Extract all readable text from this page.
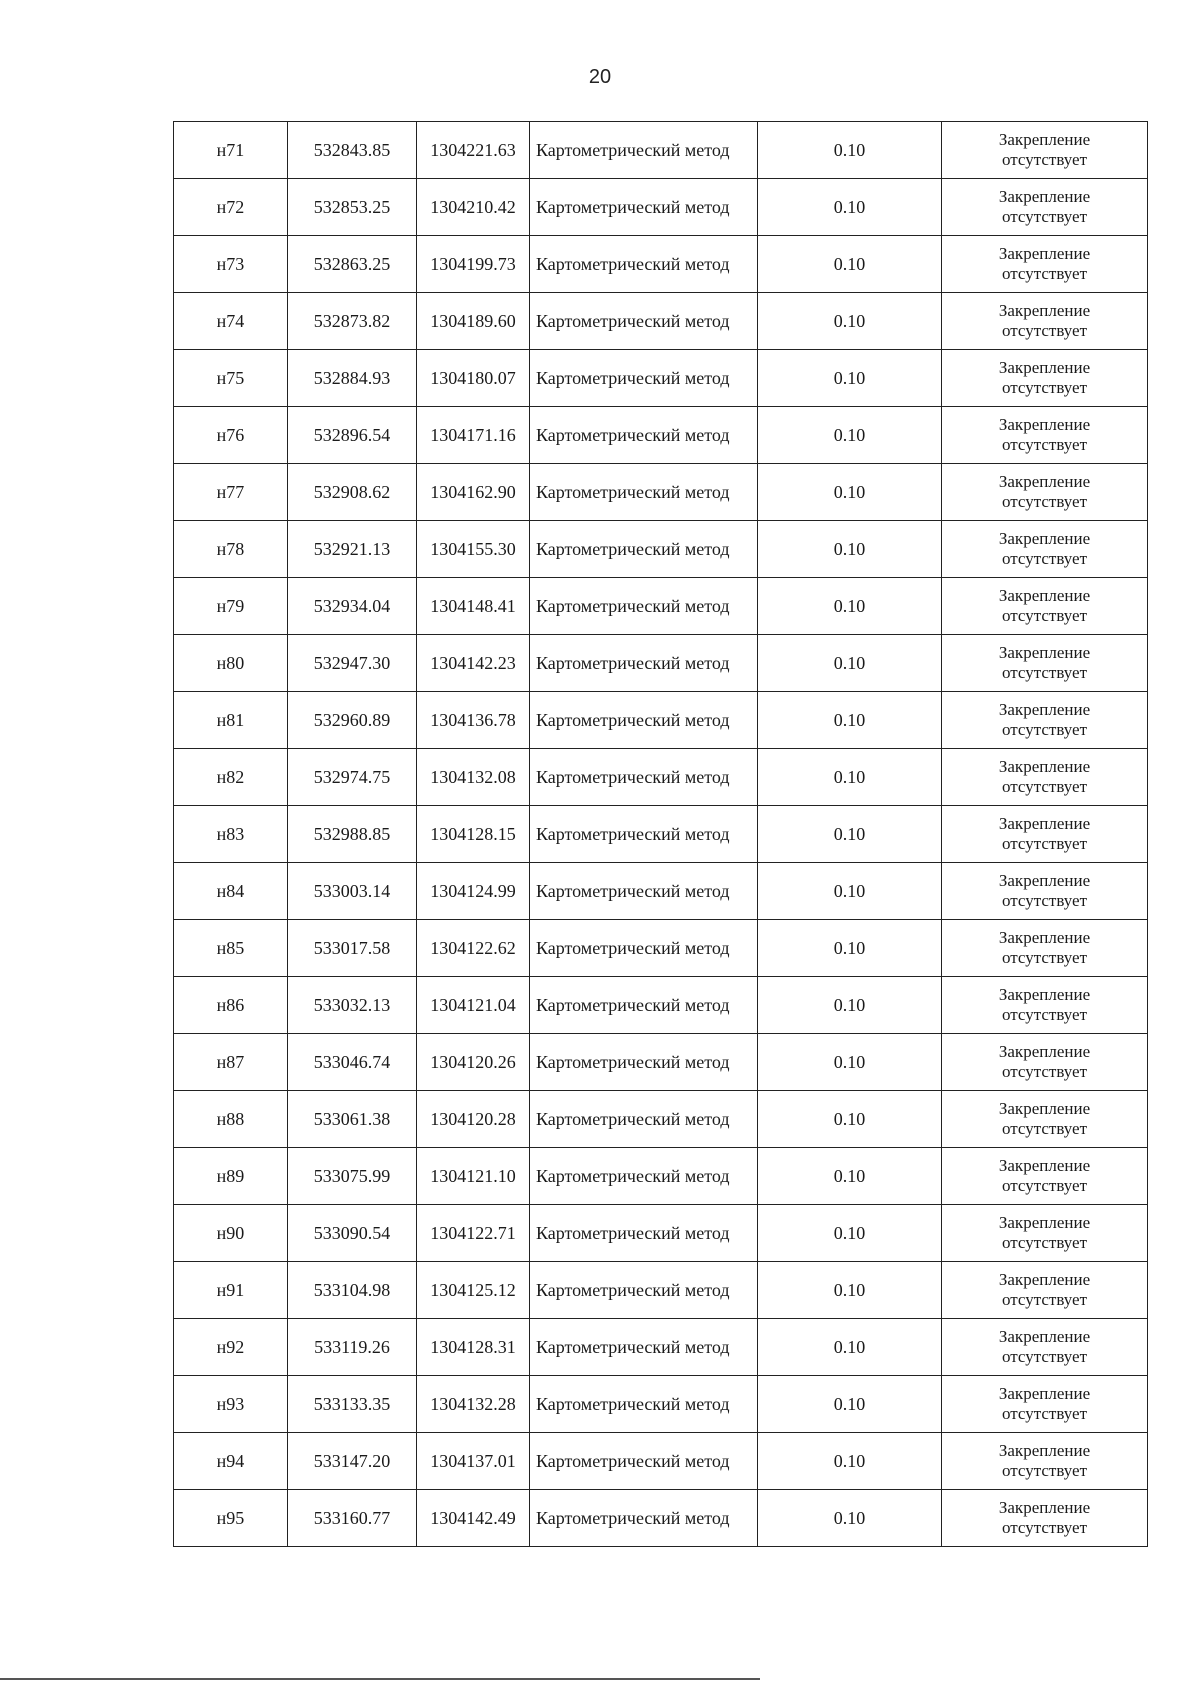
20
н71	532843.85	1304221.63	Картометрический метод	0.10	Закрепление
отсутствует

н72	532853.25	1304210.42	Картометрический метод	0.10	Закрепление
отсутствует

н73	532863.25	1304199.73	Картометрический метод	0.10	Закрепление
отсутствует

н74	532873.82	1304189.60	Картометрический метод	0.10	Закрепление
отсутствует

н75	532884.93	1304180.07	Картометрический метод	0.10	Закрепление
отсутствует

н76	532896.54	1304171.16	Картометрический метод	0.10	Закрепление
отсутствует

н77	532908.62	1304162.90	Картометрический метод	0.10	Закрепление
отсутствует

н78	532921.13	1304155.30	Картометрический метод	0.10	Закрепление
отсутствует

н79	532934.04	1304148.41	Картометрический метод	0.10	Закрепление
отсутствует

н80	532947.30	1304142.23	Картометрический метод	0.10	Закрепление
отсутствует

н81	532960.89	1304136.78	Картометрический метод	0.10	Закрепление
отсутствует

н82	532974.75	1304132.08	Картометрический метод	0.10	Закрепление
отсутствует

н83	532988.85	1304128.15	Картометрический метод	0.10	Закрепление
отсутствует

н84	533003.14	1304124.99	Картометрический метод	0.10	Закрепление
отсутствует

н85	533017.58	1304122.62	Картометрический метод	0.10	Закрепление
отсутствует

н86	533032.13	1304121.04	Картометрический метод	0.10	Закрепление
отсутствует

н87	533046.74	1304120.26	Картометрический метод	0.10	Закрепление
отсутствует

н88	533061.38	1304120.28	Картометрический метод	0.10	Закрепление
отсутствует

н89	533075.99	1304121.10	Картометрический метод	0.10	Закрепление
отсутствует

н90	533090.54	1304122.71	Картометрический метод	0.10	Закрепление
отсутствует

н91	533104.98	1304125.12	Картометрический метод	0.10	Закрепление
отсутствует

н92	533119.26	1304128.31	Картометрический метод	0.10	Закрепление
отсутствует

н93	533133.35	1304132.28	Картометрический метод	0.10	Закрепление
отсутствует

н94	533147.20	1304137.01	Картометрический метод	0.10	Закрепление
отсутствует

н95	533160.77	1304142.49	Картометрический метод	0.10	Закрепление
отсутствует
